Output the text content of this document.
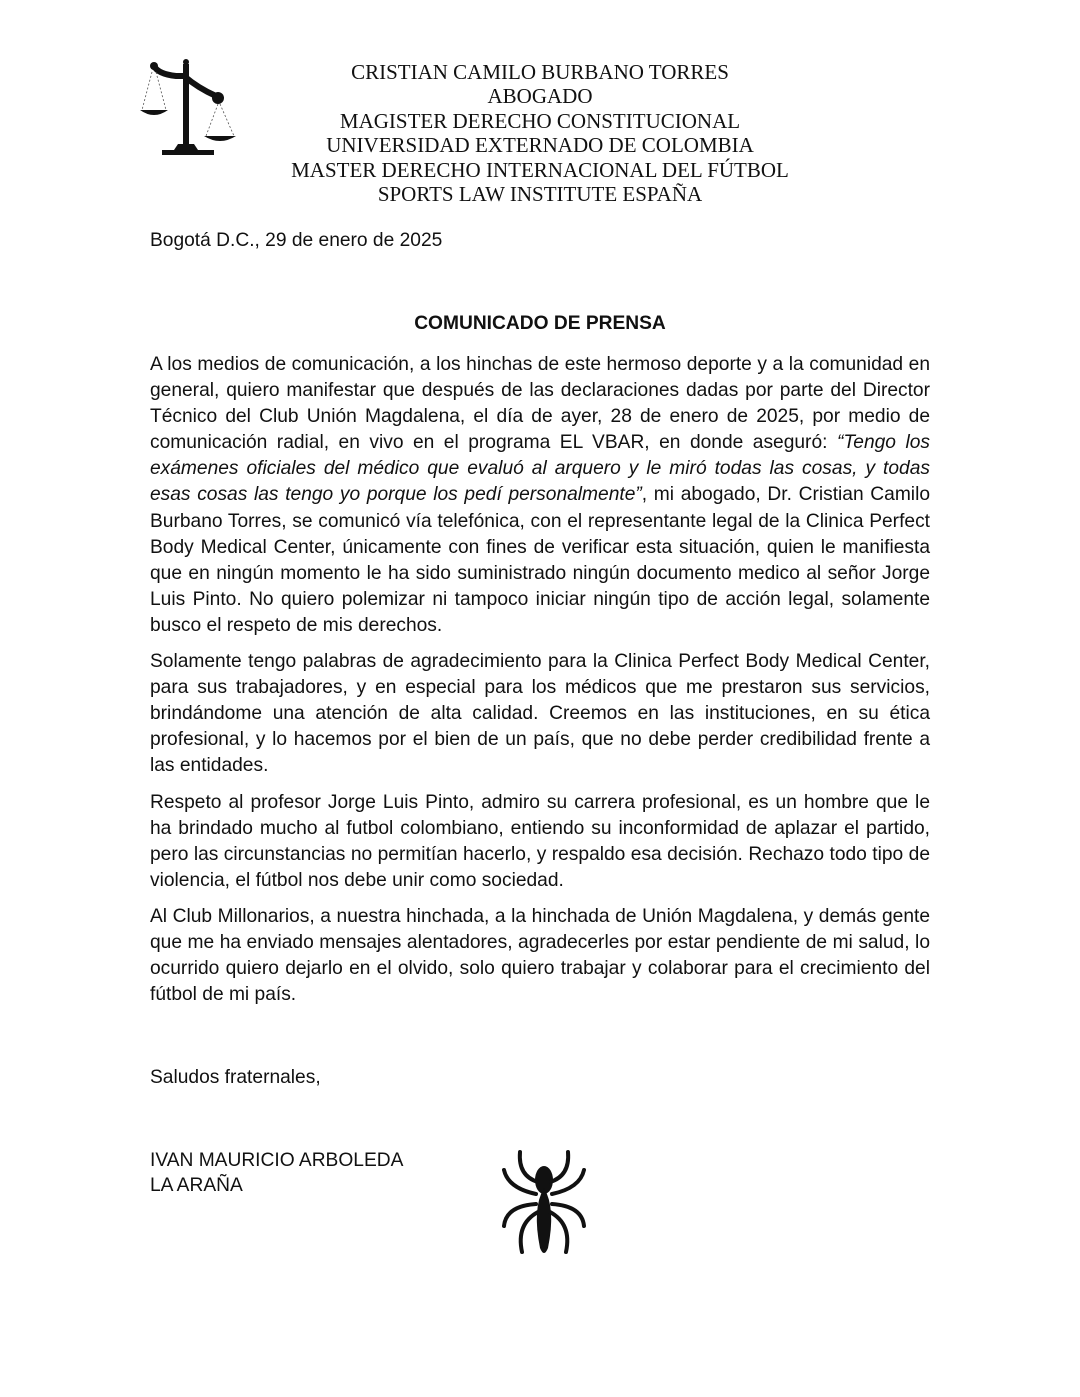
CRISTIAN CAMILO BURBANO TORRES
ABOGADO
MAGISTER DERECHO CONSTITUCIONAL
UNIVERSIDAD EXTERNADO DE COLOMBIA
MASTER DERECHO INTERNACIONAL DEL FÚTBOL
SPORTS LAW INSTITUTE ESPAÑA
Bogotá D.C., 29 de enero de 2025
COMUNICADO DE PRENSA

A los medios de comunicación, a los hinchas de este hermoso deporte y a la comunidad en general, quiero manifestar que después de las declaraciones dadas por parte del Director Técnico del Club Unión Magdalena, el día de ayer, 28 de enero de 2025, por medio de comunicación radial, en vivo en el programa EL VBAR, en donde aseguró: “Tengo los exámenes oficiales del médico que evaluó al arquero y le miró todas las cosas, y todas esas cosas las tengo yo porque los pedí personalmente”, mi abogado, Dr. Cristian Camilo Burbano Torres, se comunicó vía telefónica, con el representante legal de la Clinica Perfect Body Medical Center, únicamente con fines de verificar esta situación, quien le manifiesta que en ningún momento le ha sido suministrado ningún documento medico al señor Jorge Luis Pinto. No quiero polemizar ni tampoco iniciar ningún tipo de acción legal, solamente busco el respeto de mis derechos.

Solamente tengo palabras de agradecimiento para la Clinica Perfect Body Medical Center, para sus trabajadores, y en especial para los médicos que me prestaron sus servicios, brindándome una atención de alta calidad. Creemos en las instituciones, en su ética profesional, y lo hacemos por el bien de un país, que no debe perder credibilidad frente a las entidades.

Respeto al profesor Jorge Luis Pinto, admiro su carrera profesional, es un hombre que le ha brindado mucho al futbol colombiano, entiendo su inconformidad de aplazar el partido, pero las circunstancias no permitían hacerlo, y respaldo esa decisión. Rechazo todo tipo de violencia, el fútbol nos debe unir como sociedad.

Al Club Millonarios, a nuestra hinchada, a la hinchada de Unión Magdalena, y demás gente que me ha enviado mensajes alentadores, agradecerles por estar pendiente de mi salud, lo ocurrido quiero dejarlo en el olvido, solo quiero trabajar y colaborar para el crecimiento del fútbol de mi país.

Saludos fraternales,
IVAN MAURICIO ARBOLEDA
LA ARAÑA
